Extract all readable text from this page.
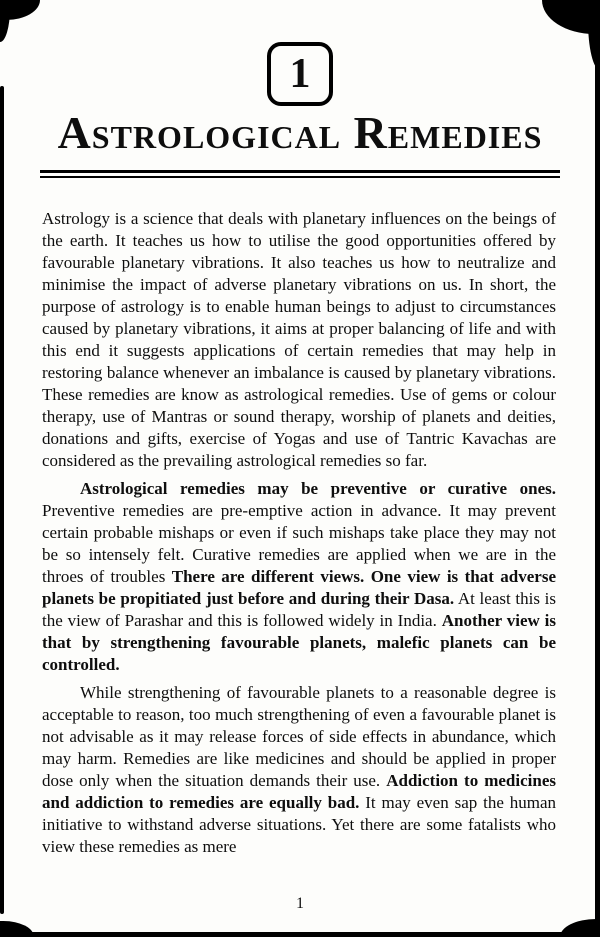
1
Astrological Remedies

Astrology is a science that deals with planetary influences on the beings of the earth. It teaches us how to utilise the good opportunities offered by favourable planetary vibrations. It also teaches us how to neutralize and minimise the impact of adverse planetary vibrations on us. In short, the purpose of astrology is to enable human beings to adjust to circumstances caused by planetary vibrations, it aims at proper balancing of life and with this end it suggests applications of certain remedies that may help in restoring balance whenever an imbalance is caused by planetary vibrations. These remedies are know as astrological remedies. Use of gems or colour therapy, use of Mantras or sound therapy, worship of planets and deities, donations and gifts, exercise of Yogas and use of Tantric Kavachas are considered as the prevailing astrological remedies so far.

Astrological remedies may be preventive or curative ones. Preventive remedies are pre-emptive action in advance. It may prevent certain probable mishaps or even if such mishaps take place they may not be so intensely felt. Curative remedies are applied when we are in the throes of troubles There are different views. One view is that adverse planets be propitiated just before and during their Dasa. At least this is the view of Parashar and this is followed widely in India. Another view is that by strengthening favourable planets, malefic planets can be controlled.

While strengthening of favourable planets to a reasonable degree is acceptable to reason, too much strengthening of even a favourable planet is not advisable as it may release forces of side effects in abundance, which may harm. Remedies are like medicines and should be applied in proper dose only when the situation demands their use. Addiction to medicines and addiction to remedies are equally bad. It may even sap the human initiative to withstand adverse situations. Yet there are some fatalists who view these remedies as mere

1
